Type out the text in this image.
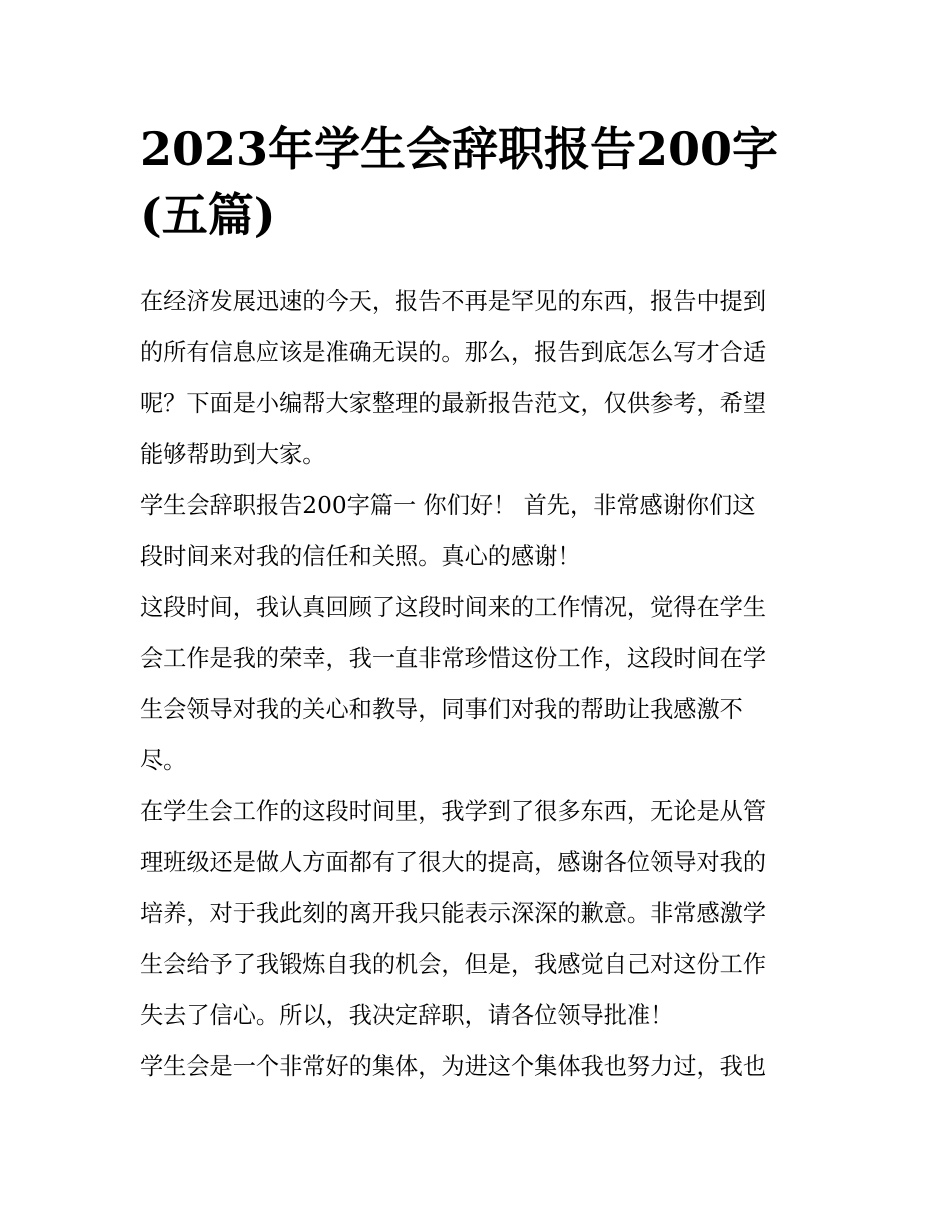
2023年学生会辞职报告200字
(五篇)
在经济发展迅速的今天，报告不再是罕见的东西，报告中提到
的所有信息应该是准确无误的。那么，报告到底怎么写才合适
呢？下面是小编帮大家整理的最新报告范文，仅供参考，希望
能够帮助到大家。
学生会辞职报告200字篇一 你们好！ 首先，非常感谢你们这
段时间来对我的信任和关照。真心的感谢！
这段时间，我认真回顾了这段时间来的工作情况，觉得在学生
会工作是我的荣幸，我一直非常珍惜这份工作，这段时间在学
生会领导对我的关心和教导，同事们对我的帮助让我感激不
尽。
在学生会工作的这段时间里，我学到了很多东西，无论是从管
理班级还是做人方面都有了很大的提高，感谢各位领导对我的
培养，对于我此刻的离开我只能表示深深的歉意。非常感激学
生会给予了我锻炼自我的机会，但是，我感觉自己对这份工作
失去了信心。所以，我决定辞职，请各位领导批准！
学生会是一个非常好的集体，为进这个集体我也努力过，我也
